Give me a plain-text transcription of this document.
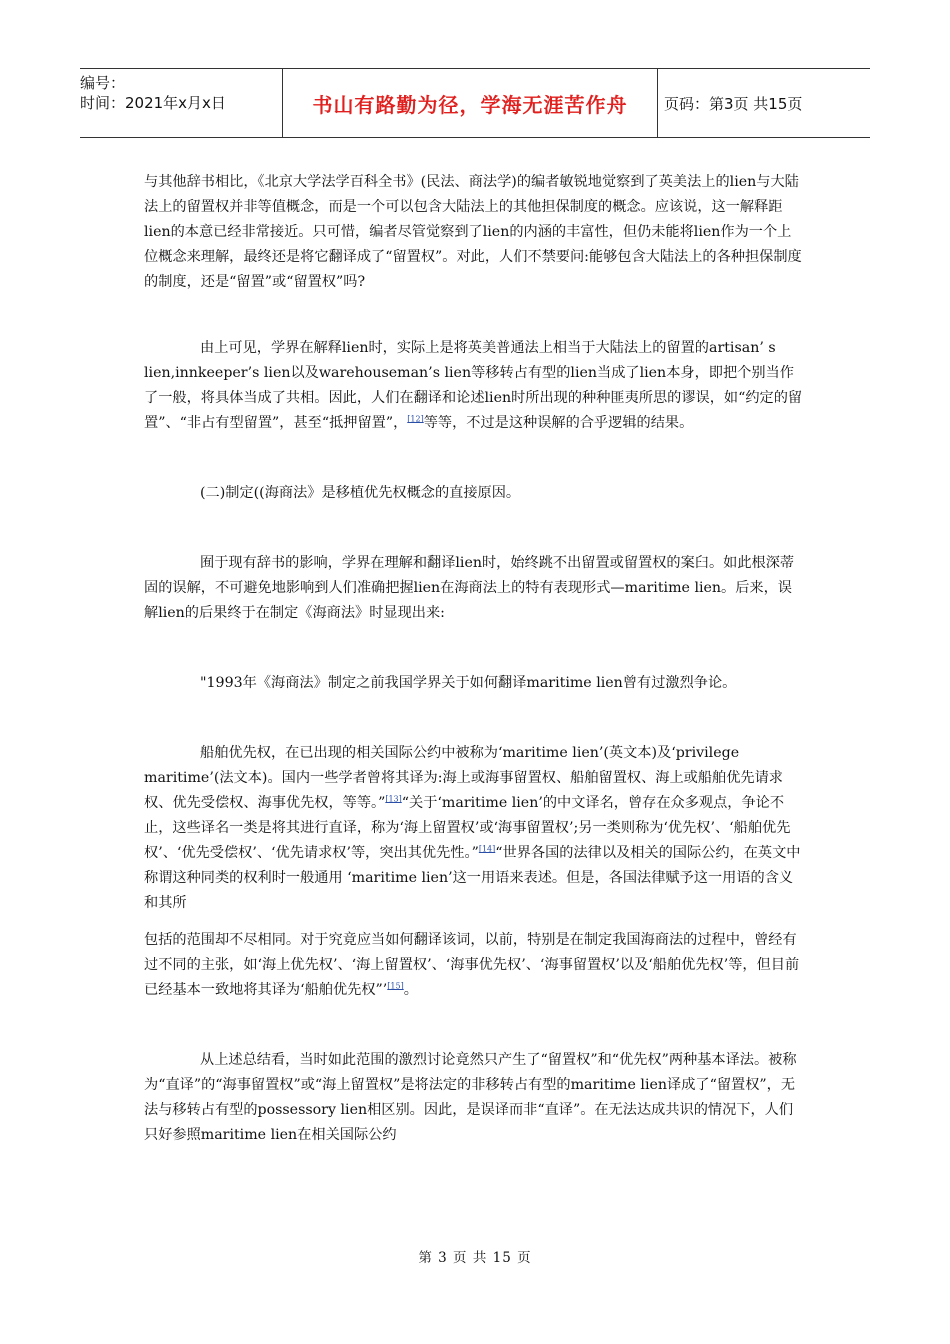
编号：
时间：2021年x月x日	书山有路勤为径，学海无涯苦作舟	页码：第3页 共15页

与其他辞书相比，《北京大学法学百科全书》(民法、商法学)的编者敏锐地觉察到了英美法上的lien与大陆法上的留置权并非等值概念，而是一个可以包含大陆法上的其他担保制度的概念。应该说，这一解释距lien的本意已经非常接近。只可惜，编者尽管觉察到了lien的内涵的丰富性，但仍未能将lien作为一个上位概念来理解，最终还是将它翻译成了“留置权”。对此，人们不禁要问:能够包含大陆法上的各种担保制度的制度，还是“留置”或“留置权”吗?

由上可见，学界在解释lien时，实际上是将英美普通法上相当于大陆法上的留置的artisan’ s lien,innkeeper’s lien以及warehouseman’s lien等移转占有型的lien当成了lien本身，即把个别当作了一般，将具体当成了共相。因此，人们在翻译和论述lien时所出现的种种匪夷所思的谬误，如“约定的留置”、“非占有型留置”，甚至“抵押留置”，[12]等等，不过是这种误解的合乎逻辑的结果。

(二)制定((海商法》是移植优先权概念的直接原因。

囿于现有辞书的影响，学界在理解和翻译lien时，始终跳不出留置或留置权的案臼。如此根深蒂固的误解，不可避免地影响到人们准确把握lien在海商法上的特有表现形式—maritime lien。后来，误解lien的后果终于在制定《海商法》时显现出来:

"1993年《海商法》制定之前我国学界关于如何翻译maritime lien曾有过激烈争论。

船舶优先权，在已出现的相关国际公约中被称为‘maritime lien’(英文本)及‘privilege maritime’(法文本)。国内一些学者曾将其译为:海上或海事留置权、船舶留置权、海上或船舶优先请求权、优先受偿权、海事优先权，等等。”[13]“关于‘maritime lien’的中文译名，曾存在众多观点，争论不止，这些译名一类是将其进行直译，称为‘海上留置权’或‘海事留置权’;另一类则称为‘优先权’、‘船舶优先权’、‘优先受偿权’、‘优先请求权’等，突出其优先性。”[14]“世界各国的法律以及相关的国际公约，在英文中称谓这种同类的权利时一般通用 ‘maritime lien’这一用语来表述。但是，各国法律赋予这一用语的含义和其所

包括的范围却不尽相同。对于究竟应当如何翻译该词，以前，特别是在制定我国海商法的过程中，曾经有过不同的主张，如‘海上优先权’、‘海上留置权’、‘海事优先权’、‘海事留置权’以及‘船舶优先权’等，但目前已经基本一致地将其译为‘船舶优先权”’[15]。

从上述总结看，当时如此范围的激烈讨论竟然只产生了“留置权”和“优先权”两种基本译法。被称为“直译”的“海事留置权”或“海上留置权”是将法定的非移转占有型的maritime lien译成了“留置权”，无法与移转占有型的possessory lien相区别。因此，是误译而非“直译”。在无法达成共识的情况下，人们只好参照maritime lien在相关国际公约

第 3 页 共 15 页
